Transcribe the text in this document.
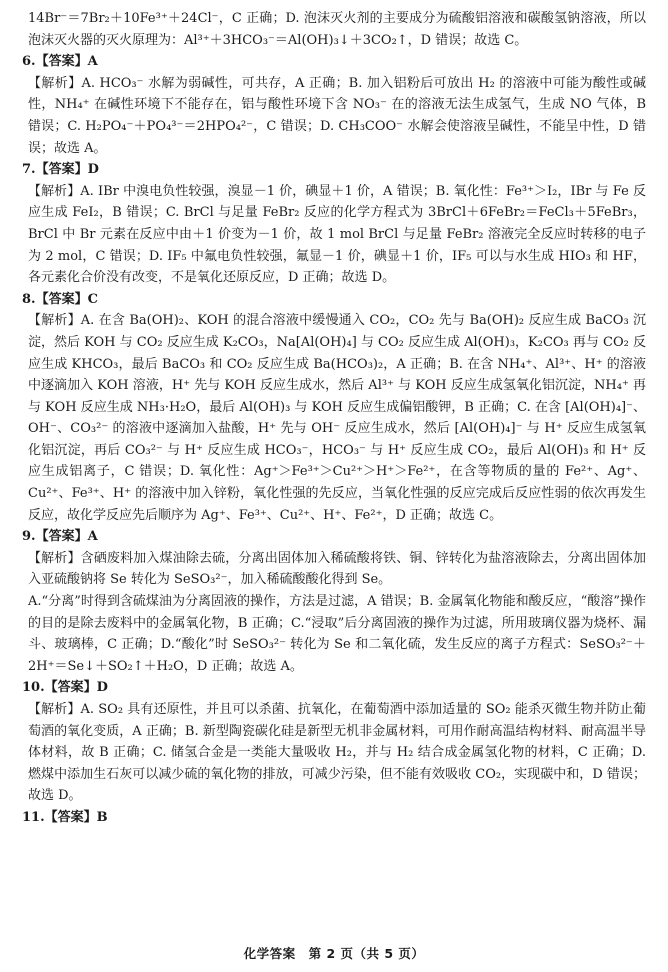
14Br⁻＝7Br₂＋10Fe³⁺＋24Cl⁻，C 正确；D. 泡沫灭火剂的主要成分为硫酸铝溶液和碳酸氢钠溶液，所以泡沫灭火器的灭火原理为：Al³⁺＋3HCO₃⁻＝Al(OH)₃↓＋3CO₂↑，D 错误；故选 C。

6.【答案】A

【解析】A. HCO₃⁻ 水解为弱碱性，可共存，A 正确；B. 加入铝粉后可放出 H₂ 的溶液中可能为酸性或碱性，NH₄⁺ 在碱性环境下不能存在，铝与酸性环境下含 NO₃⁻ 在的溶液无法生成氢气，生成 NO 气体，B 错误；C. H₂PO₄⁻＋PO₄³⁻＝2HPO₄²⁻，C 错误；D. CH₃COO⁻ 水解会使溶液呈碱性，不能呈中性，D 错误；故选 A。

7.【答案】D

【解析】A. IBr 中溴电负性较强，溴显－1 价，碘显＋1 价，A 错误；B. 氧化性：Fe³⁺＞I₂，IBr 与 Fe 反应生成 FeI₂，B 错误；C. BrCl 与足量 FeBr₂ 反应的化学方程式为 3BrCl＋6FeBr₂＝FeCl₃＋5FeBr₃，BrCl 中 Br 元素在反应中由＋1 价变为－1 价，故 1 mol BrCl 与足量 FeBr₂ 溶液完全反应时转移的电子为 2 mol，C 错误；D. IF₅ 中氟电负性较强，氟显－1 价，碘显＋1 价，IF₅ 可以与水生成 HIO₃ 和 HF，各元素化合价没有改变，不是氧化还原反应，D 正确；故选 D。

8.【答案】C

【解析】A. 在含 Ba(OH)₂、KOH 的混合溶液中缓慢通入 CO₂，CO₂ 先与 Ba(OH)₂ 反应生成 BaCO₃ 沉淀，然后 KOH 与 CO₂ 反应生成 K₂CO₃，Na[Al(OH)₄] 与 CO₂ 反应生成 Al(OH)₃，K₂CO₃ 再与 CO₂ 反应生成 KHCO₃，最后 BaCO₃ 和 CO₂ 反应生成 Ba(HCO₃)₂，A 正确；B. 在含 NH₄⁺、Al³⁺、H⁺ 的溶液中逐滴加入 KOH 溶液，H⁺ 先与 KOH 反应生成水，然后 Al³⁺ 与 KOH 反应生成氢氧化铝沉淀，NH₄⁺ 再与 KOH 反应生成 NH₃·H₂O，最后 Al(OH)₃ 与 KOH 反应生成偏铝酸钾，B 正确；C. 在含 [Al(OH)₄]⁻、OH⁻、CO₃²⁻ 的溶液中逐滴加入盐酸，H⁺ 先与 OH⁻ 反应生成水，然后 [Al(OH)₄]⁻ 与 H⁺ 反应生成氢氧化铝沉淀，再后 CO₃²⁻ 与 H⁺ 反应生成 HCO₃⁻，HCO₃⁻ 与 H⁺ 反应生成 CO₂，最后 Al(OH)₃ 和 H⁺ 反应生成铝离子，C 错误；D. 氧化性：Ag⁺＞Fe³⁺＞Cu²⁺＞H⁺＞Fe²⁺，在含等物质的量的 Fe²⁺、Ag⁺、Cu²⁺、Fe³⁺、H⁺ 的溶液中加入锌粉，氧化性强的先反应，当氧化性强的反应完成后反应性弱的依次再发生反应，故化学反应先后顺序为 Ag⁺、Fe³⁺、Cu²⁺、H⁺、Fe²⁺，D 正确；故选 C。

9.【答案】A

【解析】含硒废料加入煤油除去硫，分离出固体加入稀硫酸将铁、铜、锌转化为盐溶液除去，分离出固体加入亚硫酸钠将 Se 转化为 SeSO₃²⁻，加入稀硫酸酸化得到 Se。

A.“分离”时得到含硫煤油为分离固液的操作，方法是过滤，A 错误；B. 金属氧化物能和酸反应，“酸溶”操作的目的是除去废料中的金属氧化物，B 正确；C.“浸取”后分离固液的操作为过滤，所用玻璃仪器为烧杯、漏斗、玻璃棒，C 正确；D.“酸化”时 SeSO₃²⁻ 转化为 Se 和二氧化硫，发生反应的离子方程式：SeSO₃²⁻＋2H⁺＝Se↓＋SO₂↑＋H₂O，D 正确；故选 A。

10.【答案】D

【解析】A. SO₂ 具有还原性，并且可以杀菌、抗氧化，在葡萄酒中添加适量的 SO₂ 能杀灭微生物并防止葡萄酒的氧化变质，A 正确；B. 新型陶瓷碳化硅是新型无机非金属材料，可用作耐高温结构材料、耐高温半导体材料，故 B 正确；C. 储氢合金是一类能大量吸收 H₂，并与 H₂ 结合成金属氢化物的材料，C 正确；D. 燃煤中添加生石灰可以减少硫的氧化物的排放，可减少污染，但不能有效吸收 CO₂，实现碳中和，D 错误；故选 D。

11.【答案】B

化学答案　第 2 页（共 5 页）
